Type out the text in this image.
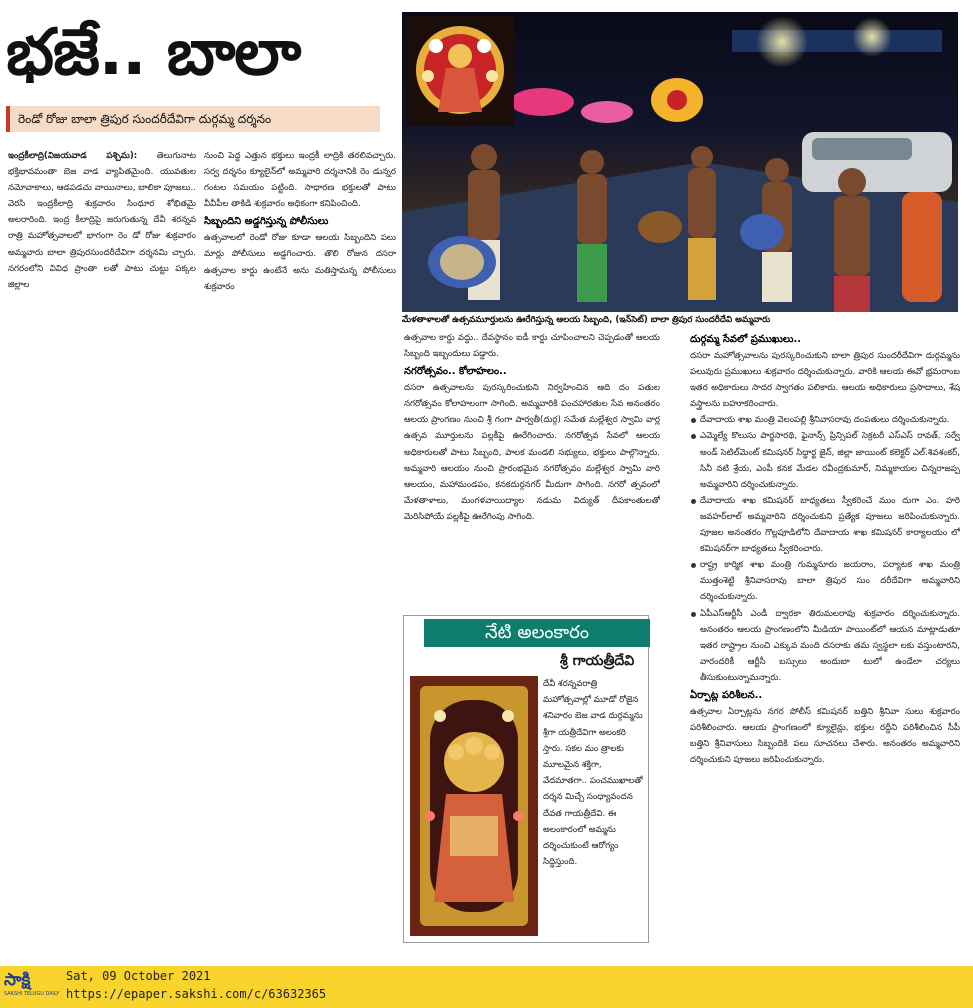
భజే.. బాలా
రెండో రోజు బాలా త్రిపుర సుందరీదేవిగా దుర్గమ్మ దర్శనం

ఇంద్రకీలాద్రి(విజయవాడ పశ్చిమ): తెలుగునాట భక్తిభావమంతా బెజ వాడ వ్యాపితమైంది. యువతుల నమోవాకాలు, ఆడపడచు వాయినాలు, బాలికా పూజలు.. వెరసి ఇంద్రకీలాద్రి శుక్రవారం సింధూర శోభితమై అలరారింది. ఇంద్ర కీలాద్రిపై జరుగుతున్న దేవీ శరన్నవ రాత్రి మహోత్సవాలలో భాగంగా రెం డో రోజు శుక్రవారం అమ్మవారు బాలా త్రిపురసుందరీదేవిగా దర్శనమి చ్చారు. నగరంలోని వివిధ ప్రాంతా లతో పాటు చుట్టు పక్కల జిల్లాల

నుంచి పెద్ద ఎత్తున భక్తులు ఇంద్రకీ లాద్రికి తరలివచ్చారు. సర్వ దర్శనం క్యూలైన్‌లో అమ్మవారి దర్శనానికి రెం డున్నర గంటల సమయం పట్టింది. సాధారణ భక్తులతో పాటు వీవీపీల తాకిడి శుక్రవారం అధికంగా కనిపించింది.

సిబ్బందిని అడ్డగిస్తున్న పోలీసులు

ఉత్సవాలలో రెండో రోజు కూడా ఆలయ సిబ్బందిని పలు మార్లు పోలీసులు అడ్డగించారు. తొలి రోజున దసరా ఉత్సవాల కార్డు ఉంటేనే అను మతిస్తామన్న పోలీసులు శుక్రవారం

మేళతాళాలతో ఉత్సవమూర్తులను ఊరేగిస్తున్న ఆలయ సిబ్బంది, (ఇన్‌సెట్) బాలా త్రిపుర సుందరీదేవి అమ్మవారు

ఉత్సవాల కార్డు వద్దు.. దేవస్థానం ఐడీ కార్డు చూపించాలని చెప్పడంతో ఆలయ సిబ్బంది ఇబ్బందులు పడ్డారు.

నగరోత్సవం.. కోలాహలం..

దసరా ఉత్సవాలను పురస్కరించుకుని నిర్వహించిన ఆది దం పతుల నగరోత్సవం కోలాహలంగా సాగింది. అమ్మవారికి పంచహారతుల సేవ అనంతరం ఆలయ ప్రాంగణం నుంచి శ్రీ గంగా పార్వతీ(దుర్గ) సమేత మల్లేశ్వర స్వామి వార్ల ఉత్సవ మూర్తులను పల్లకీపై ఊరేగించారు. నగరోత్సవ సేవలో ఆలయ అధికారులతో పాటు సిబ్బంది, పాలక మండలి సభ్యులు, భక్తులు పాల్గొన్నారు. అమ్మవారి ఆలయం నుంచి ప్రారంభమైన నగరోత్సవం మల్లేశ్వర స్వామి వారి ఆలయం, మహామండపం, కనకదుర్గనగర్ మీదుగా సాగింది. నగరో త్సవంలో మేళతాళాలు, మంగళవాయిద్యాల నడుమ విద్యుత్ దీపకాంతులతో మెరిసిపోయే పల్లకీపై ఊరేగింపు సాగింది.

నేటి అలంకారం
శ్రీ గాయత్రీదేవి
దేవీ శరన్నవరాత్రి మహోత్సవాల్లో మూడో రోజైన శనివారం బెజ వాడ దుర్గమ్మను శ్రీగా యత్రీదేవిగా అలంకరి స్తారు. సకల మం త్రాలకు మూలమైన శక్తిగా, వేదమాతగా.. పంచముఖాలతో దర్శన మిచ్చే సంధ్యావందన దేవత గాయత్రీదేవి. ఈ అలంకారంలో అమ్మను దర్శించుకుంటే ఆరోగ్యం సిద్ధిస్తుంది.
దుర్గమ్మ సేవలో ప్రముఖులు..

దసరా మహోత్సవాలను పురస్కరించుకుని బాలా త్రిపుర సుందరీదేవిగా దుర్గమ్మను పలువురు ప్రముఖులు శుక్రవారం దర్శించుకున్నారు. వారికి ఆలయ ఈవో భ్రమరాంబ ఇతర అధికారులు సాదర స్వాగతం పలికారు. ఆలయ అధికారులు ప్రసాదాలు, శేష వస్త్రాలను బహూకరించారు.

దేవాదాయ శాఖ మంత్రి వెలంపల్లి శ్రీనివాసరావు దంపతులు దర్శించుకున్నారు.
ఎమ్మెల్యే కొలుసు పార్థసారథి, ఫైనాన్స్ ప్రిన్సిపల్ సెక్రటరీ ఎస్‌ఎస్ రావత్, సర్వే అండ్ సెటిల్‌మెంట్ కమిషనర్ సిద్ధార్థ జైన్, జిల్లా జాయింట్ కలెక్టర్ ఎల్.శివశంకర్, సినీ నటి శ్రేయ, ఎంపీ కనక మేడల రవీంద్రకుమార్, నిమ్మకాయల చిన్నరాజప్ప అమ్మవారిని దర్శించుకున్నారు.
దేవాదాయ శాఖ కమిషనర్ బాధ్యతలు స్వీకరించే ముం దుగా ఎం. హరి జవహర్‌లాల్ అమ్మవారిని దర్శించుకుని ప్రత్యేక పూజలు జరిపించుకున్నారు. పూజల అనంతరం గొల్లపూడిలోని దేవాదాయ శాఖ కమిషనర్ కార్యాలయం లో కమిషనర్‌గా బాధ్యతలు స్వీకరించారు.
రాష్ట్ర కార్మిక శాఖ మంత్రి గుమ్మనూరు జయరాం, పర్యాటక శాఖ మంత్రి ముత్తంశెట్టి శ్రీనివాసరావు బాలా త్రిపుర సుం దరీదేవిగా అమ్మవారిని దర్శించుకున్నారు.
ఏపీఎస్‌ఆర్టీసీ ఎండీ ద్వారకా తిరుమలరావు శుక్రవారం దర్శించుకున్నారు. అనంతరం ఆలయ ప్రాంగణంలోని మీడియా పాయింట్‌లో ఆయన మాట్లాడుతూ ఇతర రాష్ట్రాల నుంచి ఎక్కువ మంది దసరాకు తమ స్వస్థలా లకు వస్తుంటారని, వారందరికీ ఆర్టీసీ బస్సులు అందుబా టులో ఉండేలా చర్యలు తీసుకుంటున్నామన్నారు.
ఏర్పాట్ల పరిశీలన..

ఉత్సవాల ఏర్పాట్లను నగర పోలీస్ కమిషనర్ బత్తిని శ్రీనివా సులు శుక్రవారం పరిశీలించారు. ఆలయ ప్రాంగణంలో క్యూలైన్లు, భక్తుల రద్దీని పరిశీలించిన సీపీ బత్తిని శ్రీనివాసులు సిబ్బందికి పలు సూచనలు చేశారు. అనంతరం అమ్మవారిని దర్శించుకుని పూజలు జరిపించుకున్నారు.

సాక్షి
SAKSHI TELUGU DAILY
Sat, 09 October 2021
https://epaper.sakshi.com/c/63632365
